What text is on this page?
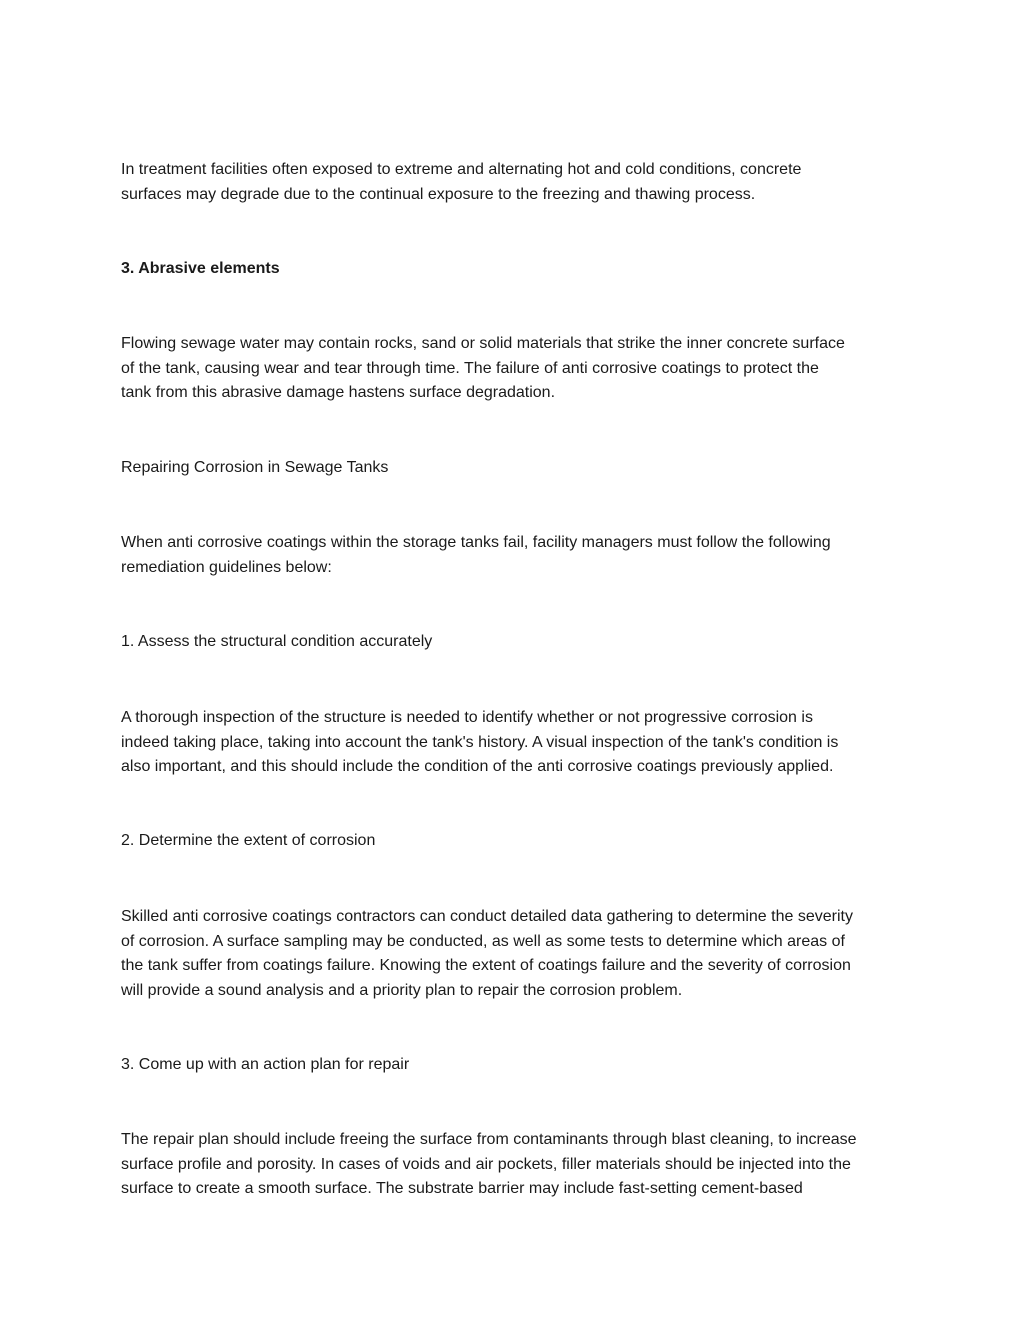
In treatment facilities often exposed to extreme and alternating hot and cold conditions, concrete
surfaces may degrade due to the continual exposure to the freezing and thawing process.

3. Abrasive elements

Flowing sewage water may contain rocks, sand or solid materials that strike the inner concrete surface
of the tank, causing wear and tear through time. The failure of anti corrosive coatings to protect the
tank from this abrasive damage hastens surface degradation.

Repairing Corrosion in Sewage Tanks

When anti corrosive coatings within the storage tanks fail, facility managers must follow the following
remediation guidelines below:

1. Assess the structural condition accurately

A thorough inspection of the structure is needed to identify whether or not progressive corrosion is
indeed taking place, taking into account the tank's history. A visual inspection of the tank's condition is
also important, and this should include the condition of the anti corrosive coatings previously applied.

2. Determine the extent of corrosion

Skilled anti corrosive coatings contractors can conduct detailed data gathering to determine the severity
of corrosion. A surface sampling may be conducted, as well as some tests to determine which areas of
the tank suffer from coatings failure. Knowing the extent of coatings failure and the severity of corrosion
will provide a sound analysis and a priority plan to repair the corrosion problem.

3. Come up with an action plan for repair

The repair plan should include freeing the surface from contaminants through blast cleaning, to increase
surface profile and porosity. In cases of voids and air pockets, filler materials should be injected into the
surface to create a smooth surface. The substrate barrier may include fast-setting cement-based
